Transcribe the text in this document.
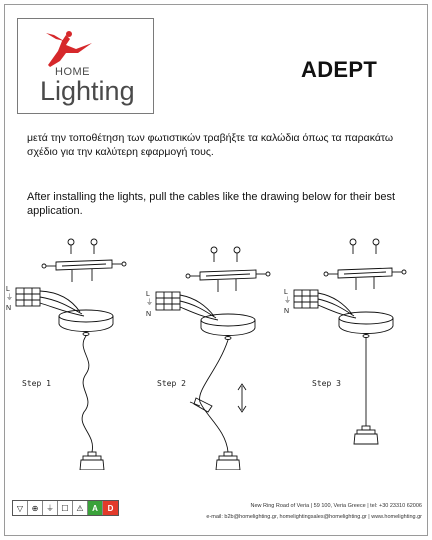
HOME
Lighting
ADEPT
μετά την τοποθέτηση των φωτιστικών τραβήξτε τα καλώδια όπως τα παρακάτω σχέδιο για την καλύτερη εφαρμογή τους.
After installing the lights, pull the cables like the drawing below for their best application.
L
⏚
N
L
⏚
N
L
⏚
N
Step 1	Step 2	Step 3
▽	⊕ ⏚ ☐ ⚠	A	D	New Ring Road of Veria | 59 100, Veria Greece | tel: +30 23310 62006
e-mail: b2b@homelighting.gr, homelightingsales@homelighting.gr | www.homelighting.gr
